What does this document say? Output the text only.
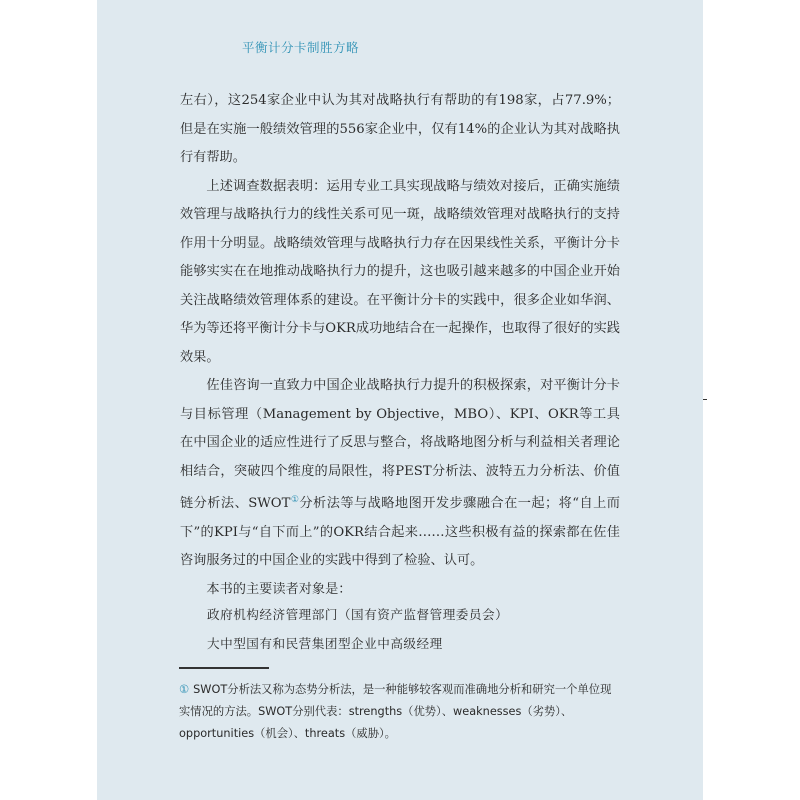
平衡计分卡制胜方略

左右），这254家企业中认为其对战略执行有帮助的有198家，占77.9%；但是在实施一般绩效管理的556家企业中，仅有14%的企业认为其对战略执行有帮助。

上述调查数据表明：运用专业工具实现战略与绩效对接后，正确实施绩效管理与战略执行力的线性关系可见一斑，战略绩效管理对战略执行的支持作用十分明显。战略绩效管理与战略执行力存在因果线性关系，平衡计分卡能够实实在在地推动战略执行力的提升，这也吸引越来越多的中国企业开始关注战略绩效管理体系的建设。在平衡计分卡的实践中，很多企业如华润、华为等还将平衡计分卡与OKR成功地结合在一起操作，也取得了很好的实践效果。

佐佳咨询一直致力中国企业战略执行力提升的积极探索，对平衡计分卡与目标管理（Management by Objective，MBO）、KPI、OKR等工具在中国企业的适应性进行了反思与整合，将战略地图分析与利益相关者理论相结合，突破四个维度的局限性，将PEST分析法、波特五力分析法、价值链分析法、SWOT①分析法等与战略地图开发步骤融合在一起；将“自上而下”的KPI与“自下而上”的OKR结合起来……这些积极有益的探索都在佐佳咨询服务过的中国企业的实践中得到了检验、认可。

本书的主要读者对象是：

政府机构经济管理部门（国有资产监督管理委员会）
大中型国有和民营集团型企业中高级经理
① SWOT分析法又称为态势分析法，是一种能够较客观而准确地分析和研究一个单位现实情况的方法。SWOT分别代表：strengths（优势）、weaknesses（劣势）、opportunities（机会）、threats（威胁）。
